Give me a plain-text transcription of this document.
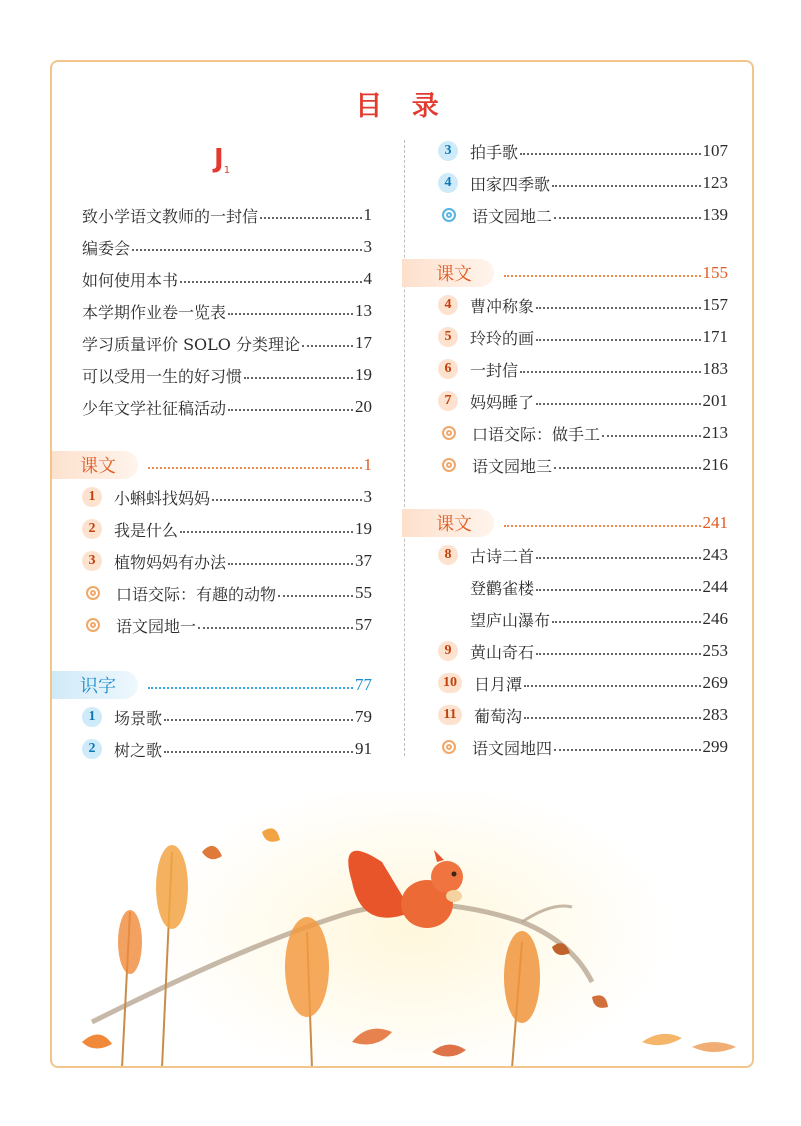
目 录
$J_1$
致小学语文教师的一封信	1
编委会	3
如何使用本书	4
本学期作业卷一览表	13
学习质量评价 SOLO 分类理论	17
可以受用一生的好习惯	19
少年文学社征稿活动	20
课文	1
1	小蝌蚪找妈妈	3
2	我是什么	19
3	植物妈妈有办法	37
口语交际：有趣的动物	55
语文园地一	57
识字	77
1	场景歌	79
2	树之歌	91
3	拍手歌	107
4	田家四季歌	123
语文园地二	139
课文	155
4	曹冲称象	157
5	玲玲的画	171
6	一封信	183
7	妈妈睡了	201
口语交际：做手工	213
语文园地三	216
课文	241
8	古诗二首	243
登鹳雀楼	244
望庐山瀑布	246
9	黄山奇石	253
10	日月潭	269
11	葡萄沟	283
语文园地四	299
